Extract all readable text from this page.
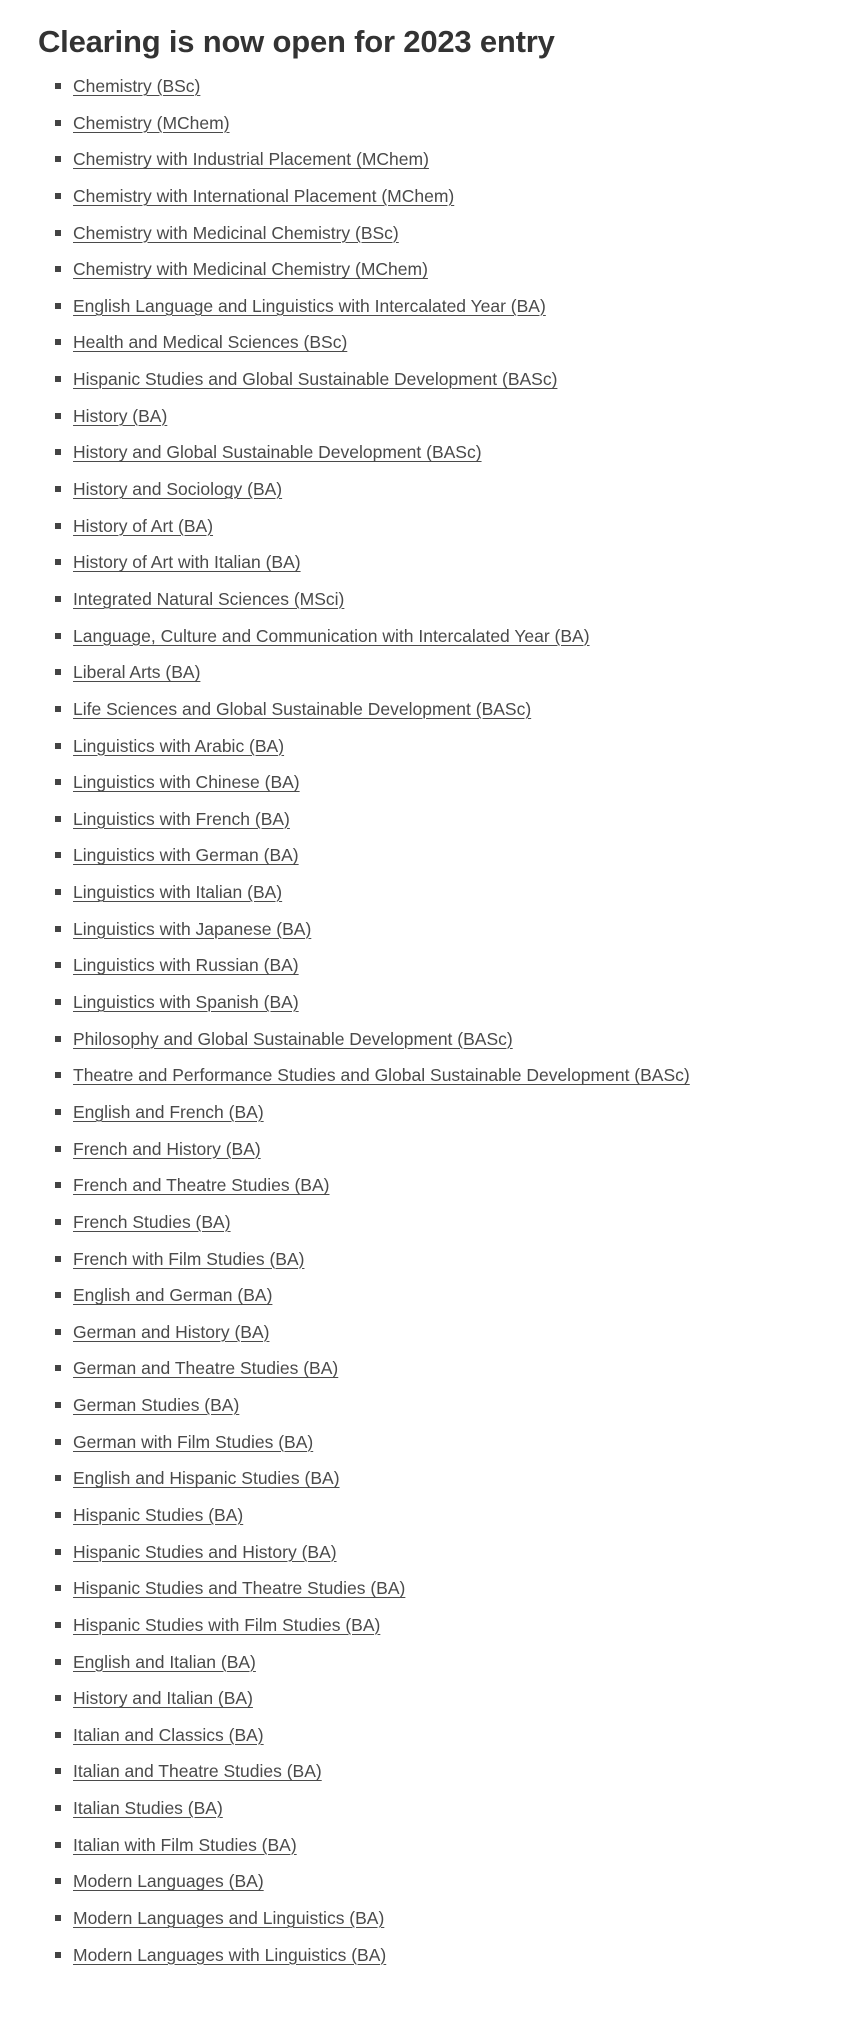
Clearing is now open for 2023 entry
Chemistry (BSc)
Chemistry (MChem)
Chemistry with Industrial Placement (MChem)
Chemistry with International Placement (MChem)
Chemistry with Medicinal Chemistry (BSc)
Chemistry with Medicinal Chemistry (MChem)
English Language and Linguistics with Intercalated Year (BA)
Health and Medical Sciences (BSc)
Hispanic Studies and Global Sustainable Development (BASc)
History (BA)
History and Global Sustainable Development (BASc)
History and Sociology (BA)
History of Art (BA)
History of Art with Italian (BA)
Integrated Natural Sciences (MSci)
Language, Culture and Communication with Intercalated Year (BA)
Liberal Arts (BA)
Life Sciences and Global Sustainable Development (BASc)
Linguistics with Arabic (BA)
Linguistics with Chinese (BA)
Linguistics with French (BA)
Linguistics with German (BA)
Linguistics with Italian (BA)
Linguistics with Japanese (BA)
Linguistics with Russian (BA)
Linguistics with Spanish (BA)
Philosophy and Global Sustainable Development (BASc)
Theatre and Performance Studies and Global Sustainable Development (BASc)
English and French (BA)
French and History (BA)
French and Theatre Studies (BA)
French Studies (BA)
French with Film Studies (BA)
English and German (BA)
German and History (BA)
German and Theatre Studies (BA)
German Studies (BA)
German with Film Studies (BA)
English and Hispanic Studies (BA)
Hispanic Studies (BA)
Hispanic Studies and History (BA)
Hispanic Studies and Theatre Studies (BA)
Hispanic Studies with Film Studies (BA)
English and Italian (BA)
History and Italian (BA)
Italian and Classics (BA)
Italian and Theatre Studies (BA)
Italian Studies (BA)
Italian with Film Studies (BA)
Modern Languages (BA)
Modern Languages and Linguistics (BA)
Modern Languages with Linguistics (BA)
